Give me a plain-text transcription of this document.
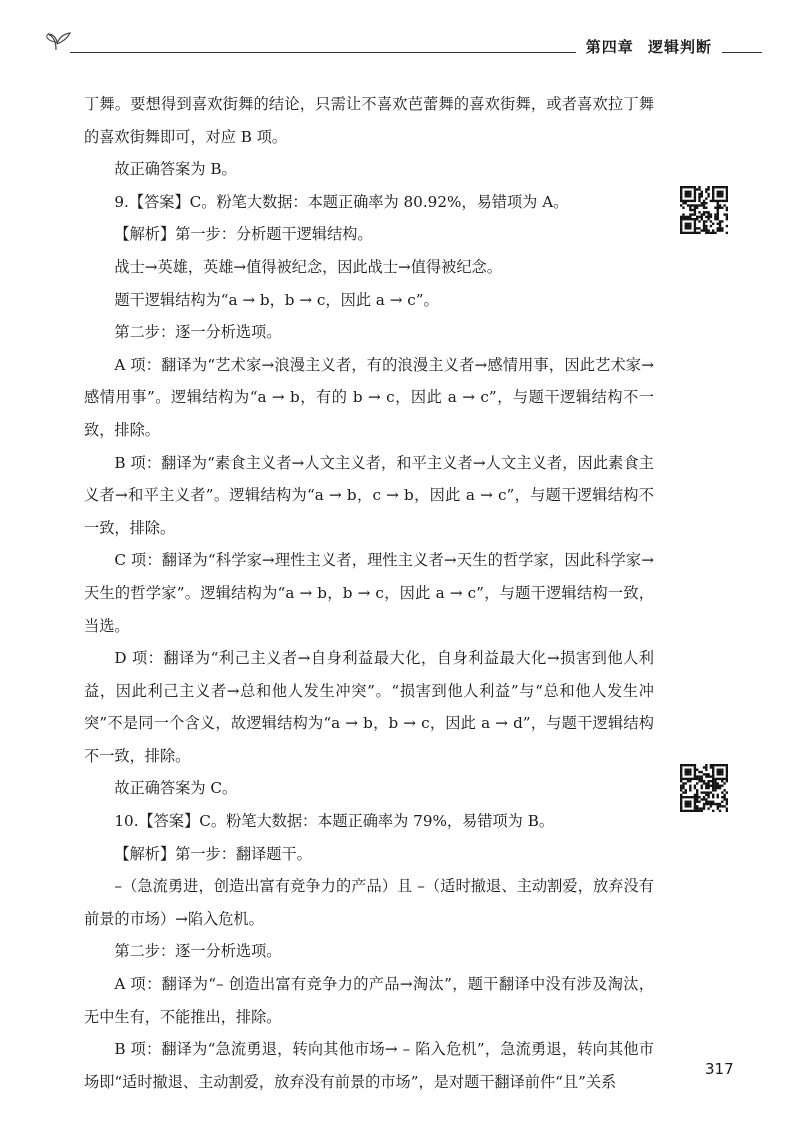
第四章 逻辑判断

丁舞。要想得到喜欢街舞的结论，只需让不喜欢芭蕾舞的喜欢街舞，或者喜欢拉丁舞的喜欢街舞即可，对应 B 项。

故正确答案为 B。

9.【答案】C。粉笔大数据：本题正确率为 80.92%，易错项为 A。

【解析】第一步：分析题干逻辑结构。

战士→英雄，英雄→值得被纪念，因此战士→值得被纪念。

题干逻辑结构为“a → b，b → c，因此 a → c”。

第二步：逐一分析选项。

A 项：翻译为“艺术家→浪漫主义者，有的浪漫主义者→感情用事，因此艺术家→感情用事”。逻辑结构为“a → b，有的 b → c，因此 a → c”，与题干逻辑结构不一致，排除。

B 项：翻译为“素食主义者→人文主义者，和平主义者→人文主义者，因此素食主义者→和平主义者”。逻辑结构为“a → b，c → b，因此 a → c”，与题干逻辑结构不一致，排除。

C 项：翻译为“科学家→理性主义者，理性主义者→天生的哲学家，因此科学家→天生的哲学家”。逻辑结构为“a → b，b → c，因此 a → c”，与题干逻辑结构一致，当选。

D 项：翻译为“利己主义者→自身利益最大化，自身利益最大化→损害到他人利益，因此利己主义者→总和他人发生冲突”。“损害到他人利益”与“总和他人发生冲突”不是同一个含义，故逻辑结构为“a → b，b → c，因此 a → d”，与题干逻辑结构不一致，排除。

故正确答案为 C。

10.【答案】C。粉笔大数据：本题正确率为 79%，易错项为 B。

【解析】第一步：翻译题干。

–（急流勇进，创造出富有竞争力的产品）且 –（适时撤退、主动割爱，放弃没有前景的市场）→陷入危机。

第二步：逐一分析选项。

A 项：翻译为“– 创造出富有竞争力的产品→淘汰”，题干翻译中没有涉及淘汰，无中生有，不能推出，排除。

B 项：翻译为“急流勇退，转向其他市场→ – 陷入危机”，急流勇退，转向其他市场即“适时撤退、主动割爱，放弃没有前景的市场”，是对题干翻译前件“且”关系

317
